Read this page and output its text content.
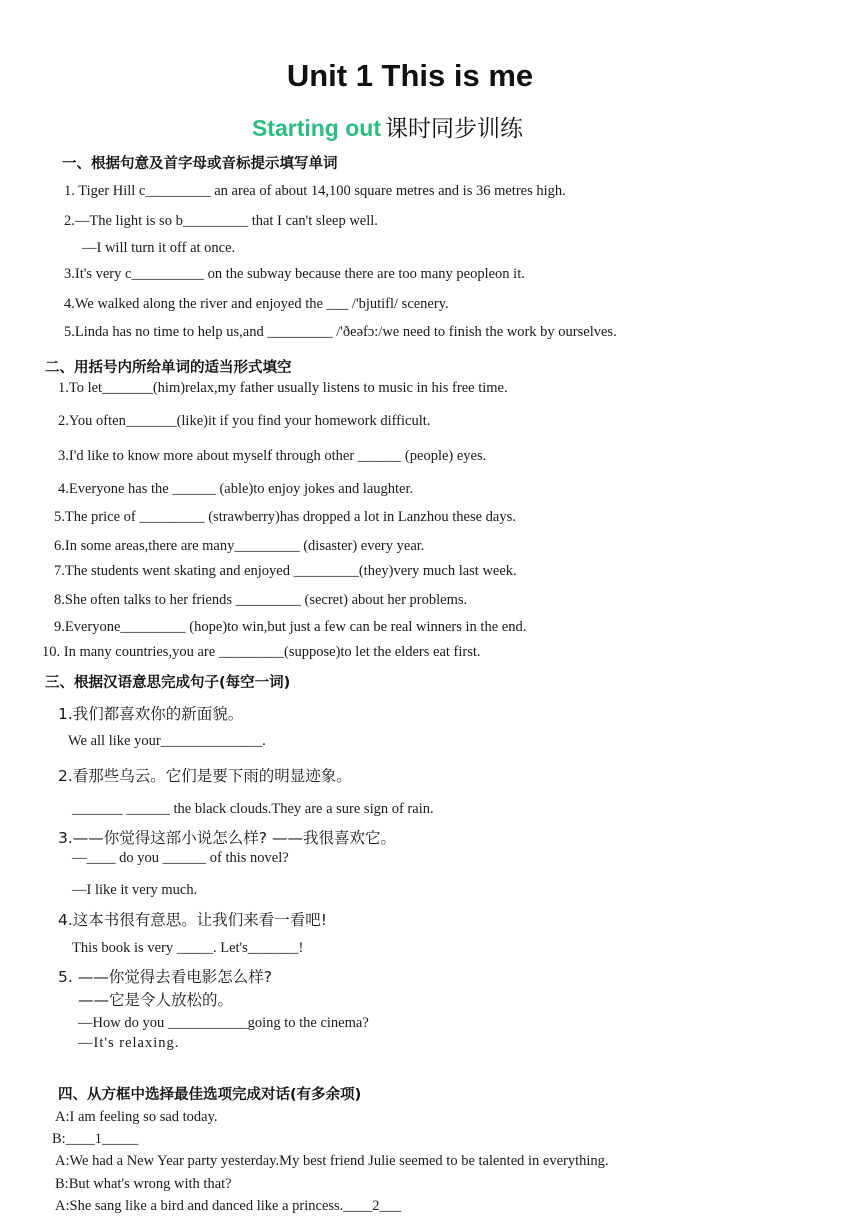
Unit 1 This is me
Starting out 课时同步训练
一、根据句意及首字母或音标提示填写单词
1. Tiger Hill c_________ an area of about 14,100 square metres and is 36 metres high.
2.—The light is so b_________ that I can't sleep well.
—I will turn it off at once.
3.It's very c__________ on the subway because there are too many peopleon it.
4.We walked along the river and enjoyed the ___ /'bjutifl/ scenery.
5.Linda has no time to help us,and _________ /'ðeəfɔ:/we need to finish the work by ourselves.
二、用括号内所给单词的适当形式填空
1.To let_______(him)relax,my father usually listens to music in his free time.
2.You often_______(like)it if you find your homework difficult.
3.I'd like to know more about myself through other ______ (people) eyes.
4.Everyone has the ______ (able)to enjoy jokes and laughter.
5.The price of _________ (strawberry)has dropped a lot in Lanzhou these days.
6.In some areas,there are many_________ (disaster) every year.
7.The students went skating and enjoyed _________(they)very much last week.
8.She often talks to her friends _________ (secret) about her problems.
9.Everyone_________ (hope)to win,but just a few can be real winners in the end.
10. In many countries,you are _________(suppose)to let the elders eat first.
三、根据汉语意思完成句子(每空一词)
1.我们都喜欢你的新面貌。
We all like your______________.
2.看那些乌云。它们是要下雨的明显迹象。
_______ ______ the black clouds.They are a sure sign of rain.
3.——你觉得这部小说怎么样? ——我很喜欢它。
—____ do you ______ of this novel?
—I like it very much.
4.这本书很有意思。让我们来看一看吧!
This book is very _____. Let's_______!
5. ——你觉得去看电影怎么样?
——它是令人放松的。
—How do you ___________going to the cinema?
—It's relaxing.
四、从方框中选择最佳选项完成对话(有多余项)
A:I am feeling so sad today.
B:____1_____
A:We had a New Year party yesterday.My best friend Julie seemed to be talented in everything.
B:But what's wrong with that?
A:She sang like a bird and danced like a princess.____2___
